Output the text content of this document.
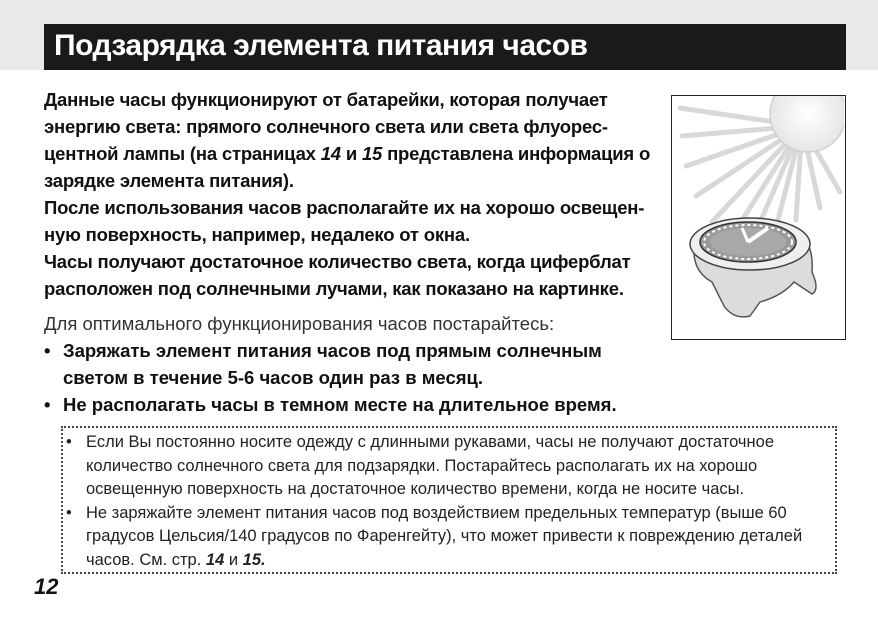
Подзарядка элемента питания часов

Данные часы функционируют от батарейки, которая получает энергию света: прямого солнечного света или света флуорес-центной лампы (на страницах 14 и 15 представлена информация о зарядке элемента питания).

После использования часов располагайте их на хорошо освещен-ную поверхность, например, недалеко от окна.

Часы получают достаточное количество света, когда циферблат расположен под солнечными лучами, как показано на картинке.

Для оптимального функционирования часов постарайтесь:
• Заряжать элемент питания часов под прямым солнечным светом в течение 5-6 часов один раз в месяц.
• Не располагать часы в темном месте на длительное время.
• Если Вы постоянно носите одежду с длинными рукавами, часы не получают достаточное количество солнечного света для подзарядки. Постарайтесь располагать их на хорошо освещенную поверхность на достаточное количество времени, когда не носите часы.
• Не заряжайте элемент питания часов под воздействием предельных температур (выше 60 градусов Цельсия/140 градусов по Фаренгейту), что может привести к повреждению деталей часов. См. стр. 14 и 15.
12
